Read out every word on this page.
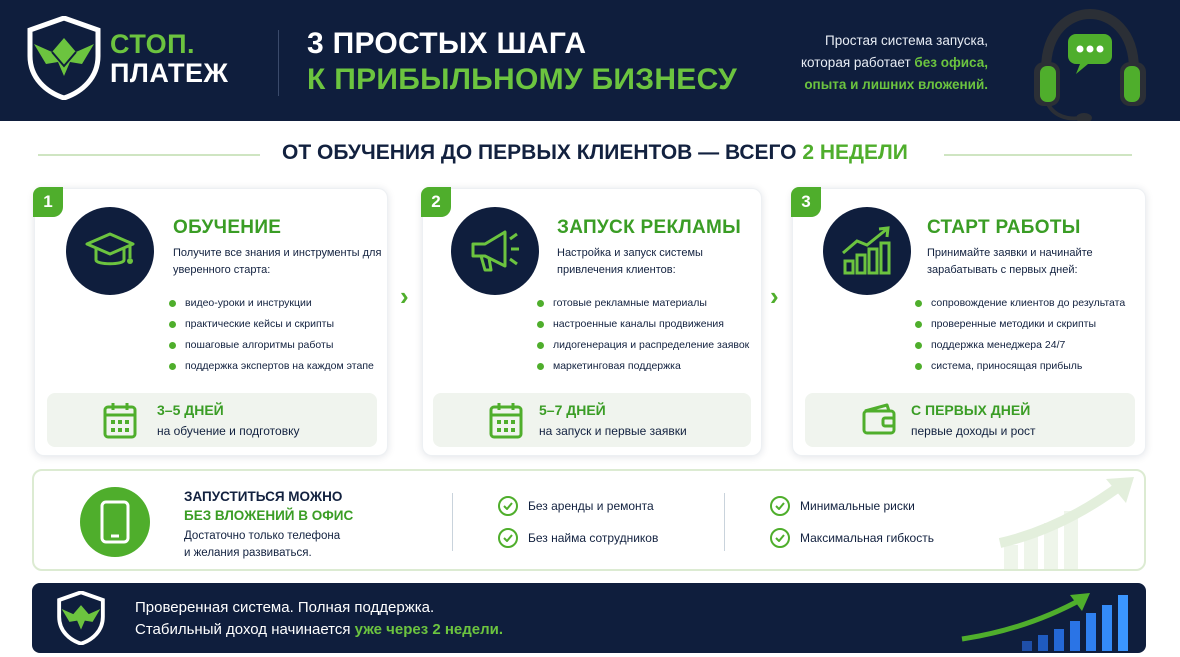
СТОП.
ПЛАТЕЖ
3 ПРОСТЫХ ШАГА
К ПРИБЫЛЬНОМУ БИЗНЕСУ
Простая система запуска,
которая работает без офиса,
опыта и лишних вложений.
ОТ ОБУЧЕНИЯ ДО ПЕРВЫХ КЛИЕНТОВ — ВСЕГО 2 НЕДЕЛИ
1
ОБУЧЕНИЕ
Получите все знания и инструменты для уверенного старта:
видео-уроки и инструкции
практические кейсы и скрипты
пошаговые алгоритмы работы
поддержка экспертов на каждом этапе
3–5 ДНЕЙ
на обучение и подготовку
›
2
ЗАПУСК РЕКЛАМЫ
Настройка и запуск системы привлечения клиентов:
готовые рекламные материалы
настроенные каналы продвижения
лидогенерация и распределение заявок
маркетинговая поддержка
5–7 ДНЕЙ
на запуск и первые заявки
›
3
СТАРТ РАБОТЫ
Принимайте заявки и начинайте зарабатывать с первых дней:
сопровождение клиентов до результата
проверенные методики и скрипты
поддержка менеджера 24/7
система, приносящая прибыль
С ПЕРВЫХ ДНЕЙ
первые доходы и рост
ЗАПУСТИТЬСЯ МОЖНО
БЕЗ ВЛОЖЕНИЙ В ОФИС
Достаточно только телефона
и желания развиваться.
Без аренды и ремонта
Без найма сотрудников
Минимальные риски
Максимальная гибкость
Проверенная система. Полная поддержка.
Стабильный доход начинается уже через 2 недели.
